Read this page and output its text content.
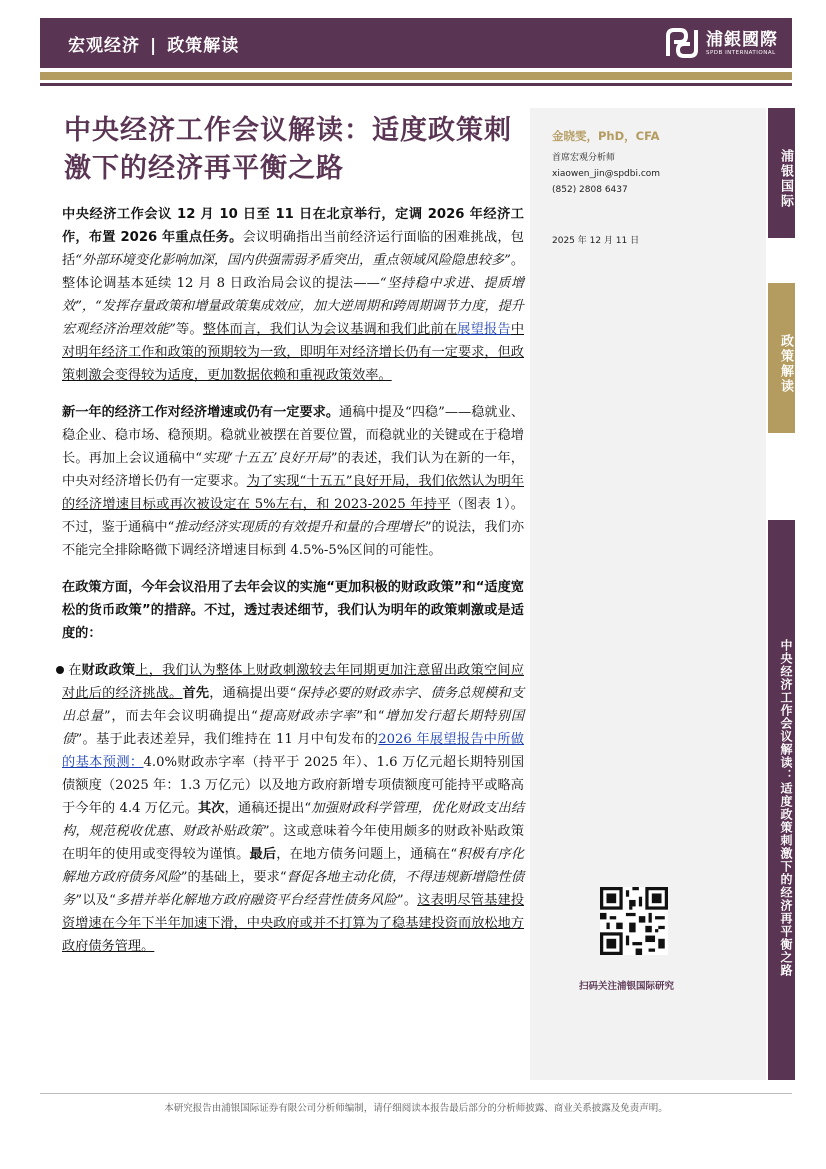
宏观经济 | 政策解读	浦銀國際
SPDB INTERNATIONAL
浦银国际
政策解读
中央经济工作会议解读：适度政策刺激下的经济再平衡之路
金晓雯，PhD，CFA
首席宏观分析师
xiaowen_jin@spdbi.com
(852) 2808 6437
2025 年 12 月 11 日
扫码关注浦银国际研究
中央经济工作会议解读：适度政策刺激下的经济再平衡之路

中央经济工作会议 12 月 10 日至 11 日在北京举行，定调 2026 年经济工作，布置 2026 年重点任务。会议明确指出当前经济运行面临的困难挑战，包括“外部环境变化影响加深，国内供强需弱矛盾突出，重点领域风险隐患较多”。整体论调基本延续 12 月 8 日政治局会议的提法——“坚持稳中求进、提质增效”，“发挥存量政策和增量政策集成效应，加大逆周期和跨周期调节力度，提升宏观经济治理效能”等。整体而言，我们认为会议基调和我们此前在展望报告中对明年经济工作和政策的预期较为一致，即明年对经济增长仍有一定要求，但政策刺激会变得较为适度，更加数据依赖和重视政策效率。

新一年的经济工作对经济增速或仍有一定要求。通稿中提及“四稳”——稳就业、稳企业、稳市场、稳预期。稳就业被摆在首要位置，而稳就业的关键或在于稳增长。再加上会议通稿中“实现‘十五五’良好开局”的表述，我们认为在新的一年，中央对经济增长仍有一定要求。为了实现“十五五”良好开局，我们依然认为明年的经济增速目标或再次被设定在 5%左右，和 2023-2025 年持平（图表 1）。不过，鉴于通稿中“推动经济实现质的有效提升和量的合理增长”的说法，我们亦不能完全排除略微下调经济增速目标到 4.5%-5%区间的可能性。

在政策方面，今年会议沿用了去年会议的实施“更加积极的财政政策”和“适度宽松的货币政策”的措辞。不过，透过表述细节，我们认为明年的政策刺激或是适度的：

在财政政策上，我们认为整体上财政刺激较去年同期更加注意留出政策空间应对此后的经济挑战。首先，通稿提出要“保持必要的财政赤字、债务总规模和支出总量”，而去年会议明确提出“提高财政赤字率”和“增加发行超长期特别国债”。基于此表述差异，我们维持在 11 月中旬发布的2026 年展望报告中所做的基本预测：4.0%财政赤字率（持平于 2025 年）、1.6 万亿元超长期特别国债额度（2025 年：1.3 万亿元）以及地方政府新增专项债额度可能持平或略高于今年的 4.4 万亿元。其次，通稿还提出“加强财政科学管理，优化财政支出结构，规范税收优惠、财政补贴政策”。这或意味着今年使用颇多的财政补贴政策在明年的使用或变得较为谨慎。最后，在地方债务问题上，通稿在“积极有序化解地方政府债务风险”的基础上，要求“督促各地主动化债，不得违规新增隐性债务”以及“多措并举化解地方政府融资平台经营性债务风险”。这表明尽管基建投资增速在今年下半年加速下滑，中央政府或并不打算为了稳基建投资而放松地方政府债务管理。

本研究报告由浦银国际证券有限公司分析师编制，请仔细阅读本报告最后部分的分析师披露、商业关系披露及免责声明。
